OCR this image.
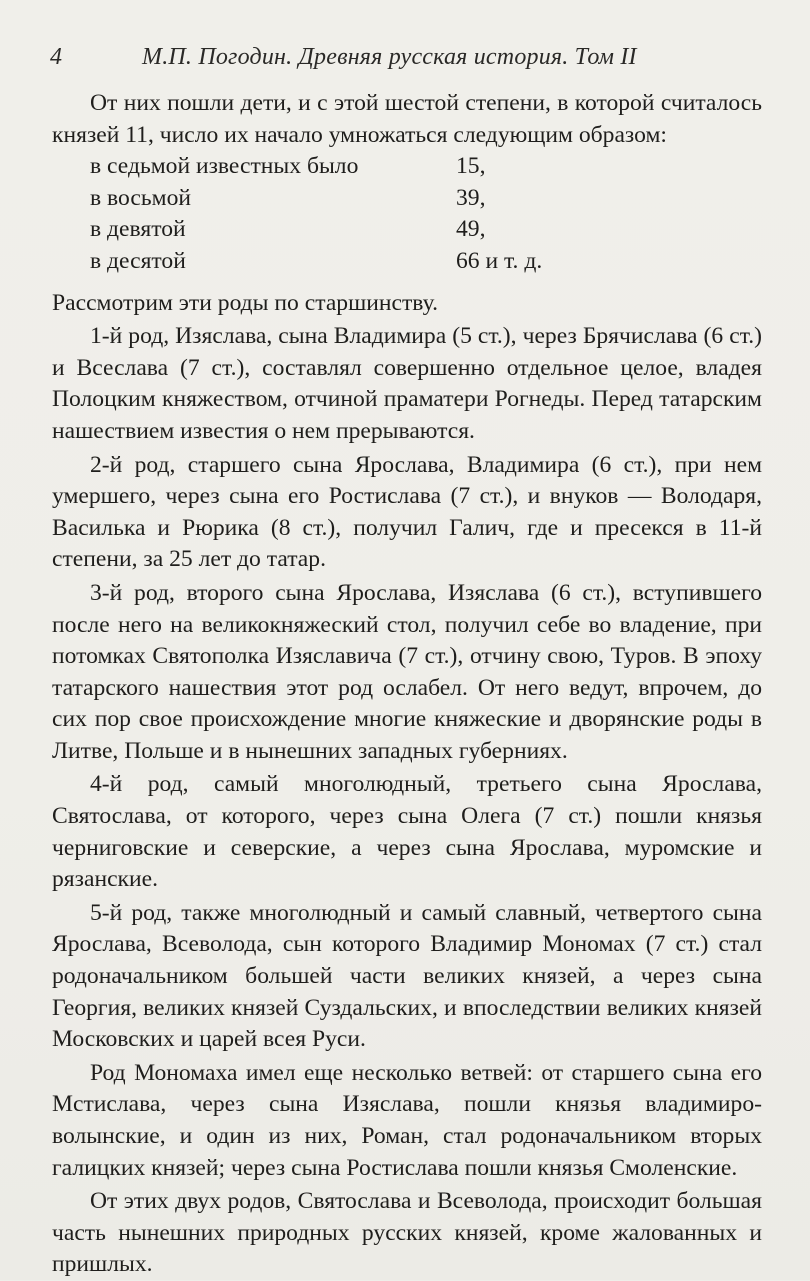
4	М.П. Погодин. Древняя русская история. Том II

От них пошли дети, и с этой шестой степени, в которой считалось князей 11, число их начало умножаться следующим образом:

в седьмой известных было	15,
в восьмой	39,
в девятой	49,
в десятой	66 и т. д.

Рассмотрим эти роды по старшинству.

1-й род, Изяслава, сына Владимира (5 ст.), через Брячислава (6 ст.) и Всеслава (7 ст.), составлял совершенно отдельное целое, владея Полоцким княжеством, отчиной праматери Рогнеды. Перед татарским нашествием известия о нем прерываются.

2-й род, старшего сына Ярослава, Владимира (6 ст.), при нем умершего, через сына его Ростислава (7 ст.), и внуков — Володаря, Василька и Рюрика (8 ст.), получил Галич, где и пресекся в 11-й степени, за 25 лет до татар.

3-й род, второго сына Ярослава, Изяслава (6 ст.), вступившего после него на великокняжеский стол, получил себе во владение, при потомках Святополка Изяславича (7 ст.), отчину свою, Туров. В эпоху татарского нашествия этот род ослабел. От него ведут, впрочем, до сих пор свое происхождение многие княжеские и дворянские роды в Литве, Польше и в нынешних западных губерниях.

4-й род, самый многолюдный, третьего сына Ярослава, Святослава, от которого, через сына Олега (7 ст.) пошли князья черниговские и северские, а через сына Ярослава, муромские и рязанские.

5-й род, также многолюдный и самый славный, четвертого сына Ярослава, Всеволода, сын которого Владимир Мономах (7 ст.) стал родоначальником большей части великих князей, а через сына Георгия, великих князей Суздальских, и впоследствии великих князей Московских и царей всея Руси.

Род Мономаха имел еще несколько ветвей: от старшего сына его Мстислава, через сына Изяслава, пошли князья владимиро-волынские, и один из них, Роман, стал родоначальником вторых галицких князей; через сына Ростислава пошли князья Смоленские.

От этих двух родов, Святослава и Всеволода, происходит большая часть нынешних природных русских князей, кроме жалованных и пришлых.
